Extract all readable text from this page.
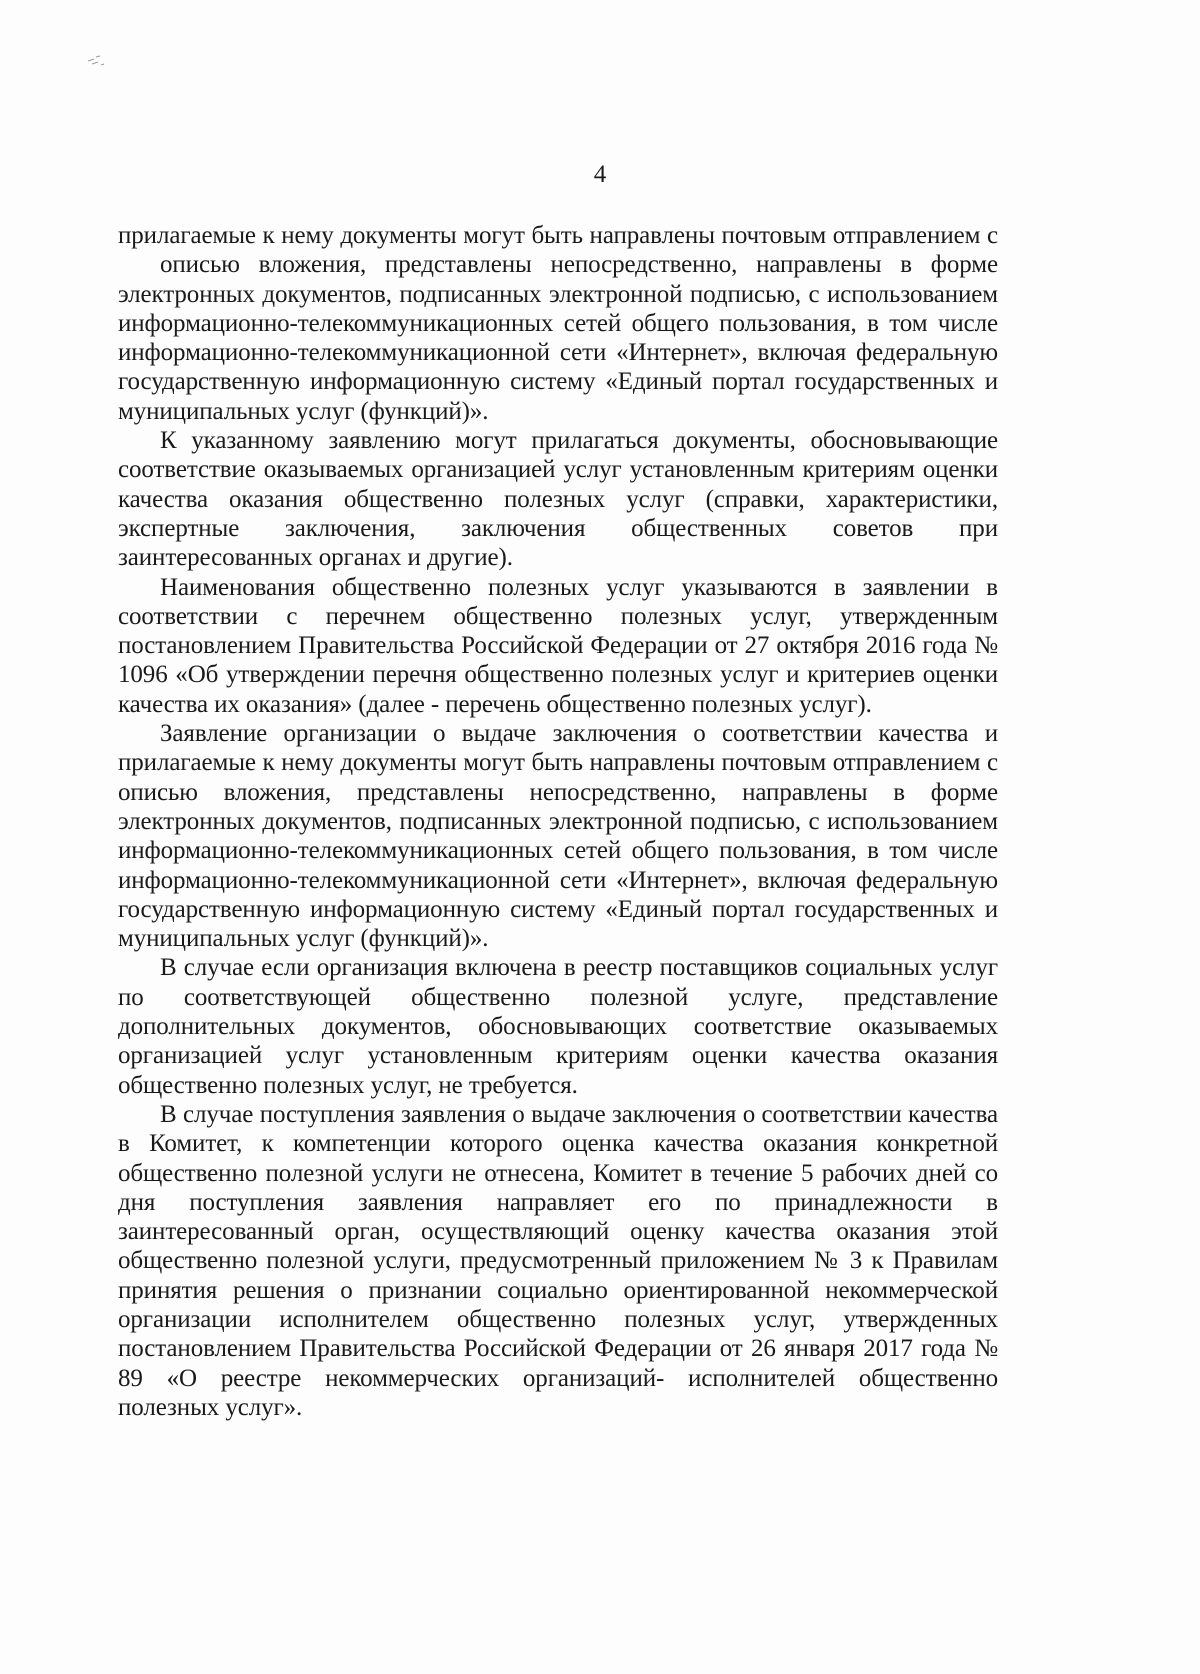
4

прилагаемые к нему документы могут быть направлены почтовым отправлением с

описью вложения, представлены непосредственно, направлены в форме электронных документов, подписанных электронной подписью, с использованием информационно-телекоммуникационных сетей общего пользования, в том числе информационно-телекоммуникационной сети «Интернет», включая федеральную государственную информационную систему «Единый портал государственных и муниципальных услуг (функций)».

К указанному заявлению могут прилагаться документы, обосновывающие соответствие оказываемых организацией услуг установленным критериям оценки качества оказания общественно полезных услуг (справки, характеристики, экспертные заключения, заключения общественных советов при заинтересованных органах и другие).

Наименования общественно полезных услуг указываются в заявлении в соответствии с перечнем общественно полезных услуг, утвержденным постановлением Правительства Российской Федерации от 27 октября 2016 года № 1096 «Об утверждении перечня общественно полезных услуг и критериев оценки качества их оказания» (далее - перечень общественно полезных услуг).

Заявление организации о выдаче заключения о соответствии качества и прилагаемые к нему документы могут быть направлены почтовым отправлением с описью вложения, представлены непосредственно, направлены в форме электронных документов, подписанных электронной подписью, с использованием информационно-телекоммуникационных сетей общего пользования, в том числе информационно-телекоммуникационной сети «Интернет», включая федеральную государственную информационную систему «Единый портал государственных и муниципальных услуг (функций)».

В случае если организация включена в реестр поставщиков социальных услуг по соответствующей общественно полезной услуге, представление дополнительных документов, обосновывающих соответствие оказываемых организацией услуг установленным критериям оценки качества оказания общественно полезных услуг, не требуется.

В случае поступления заявления о выдаче заключения о соответствии качества в Комитет, к компетенции которого оценка качества оказания конкретной общественно полезной услуги не отнесена, Комитет в течение 5 рабочих дней со дня поступления заявления направляет его по принадлежности в заинтересованный орган, осуществляющий оценку качества оказания этой общественно полезной услуги, предусмотренный приложением № 3 к Правилам принятия решения о признании социально ориентированной некоммерческой организации исполнителем общественно полезных услуг, утвержденных постановлением Правительства Российской Федерации от 26 января 2017 года № 89 «О реестре некоммерческих организаций- исполнителей общественно полезных услуг».
